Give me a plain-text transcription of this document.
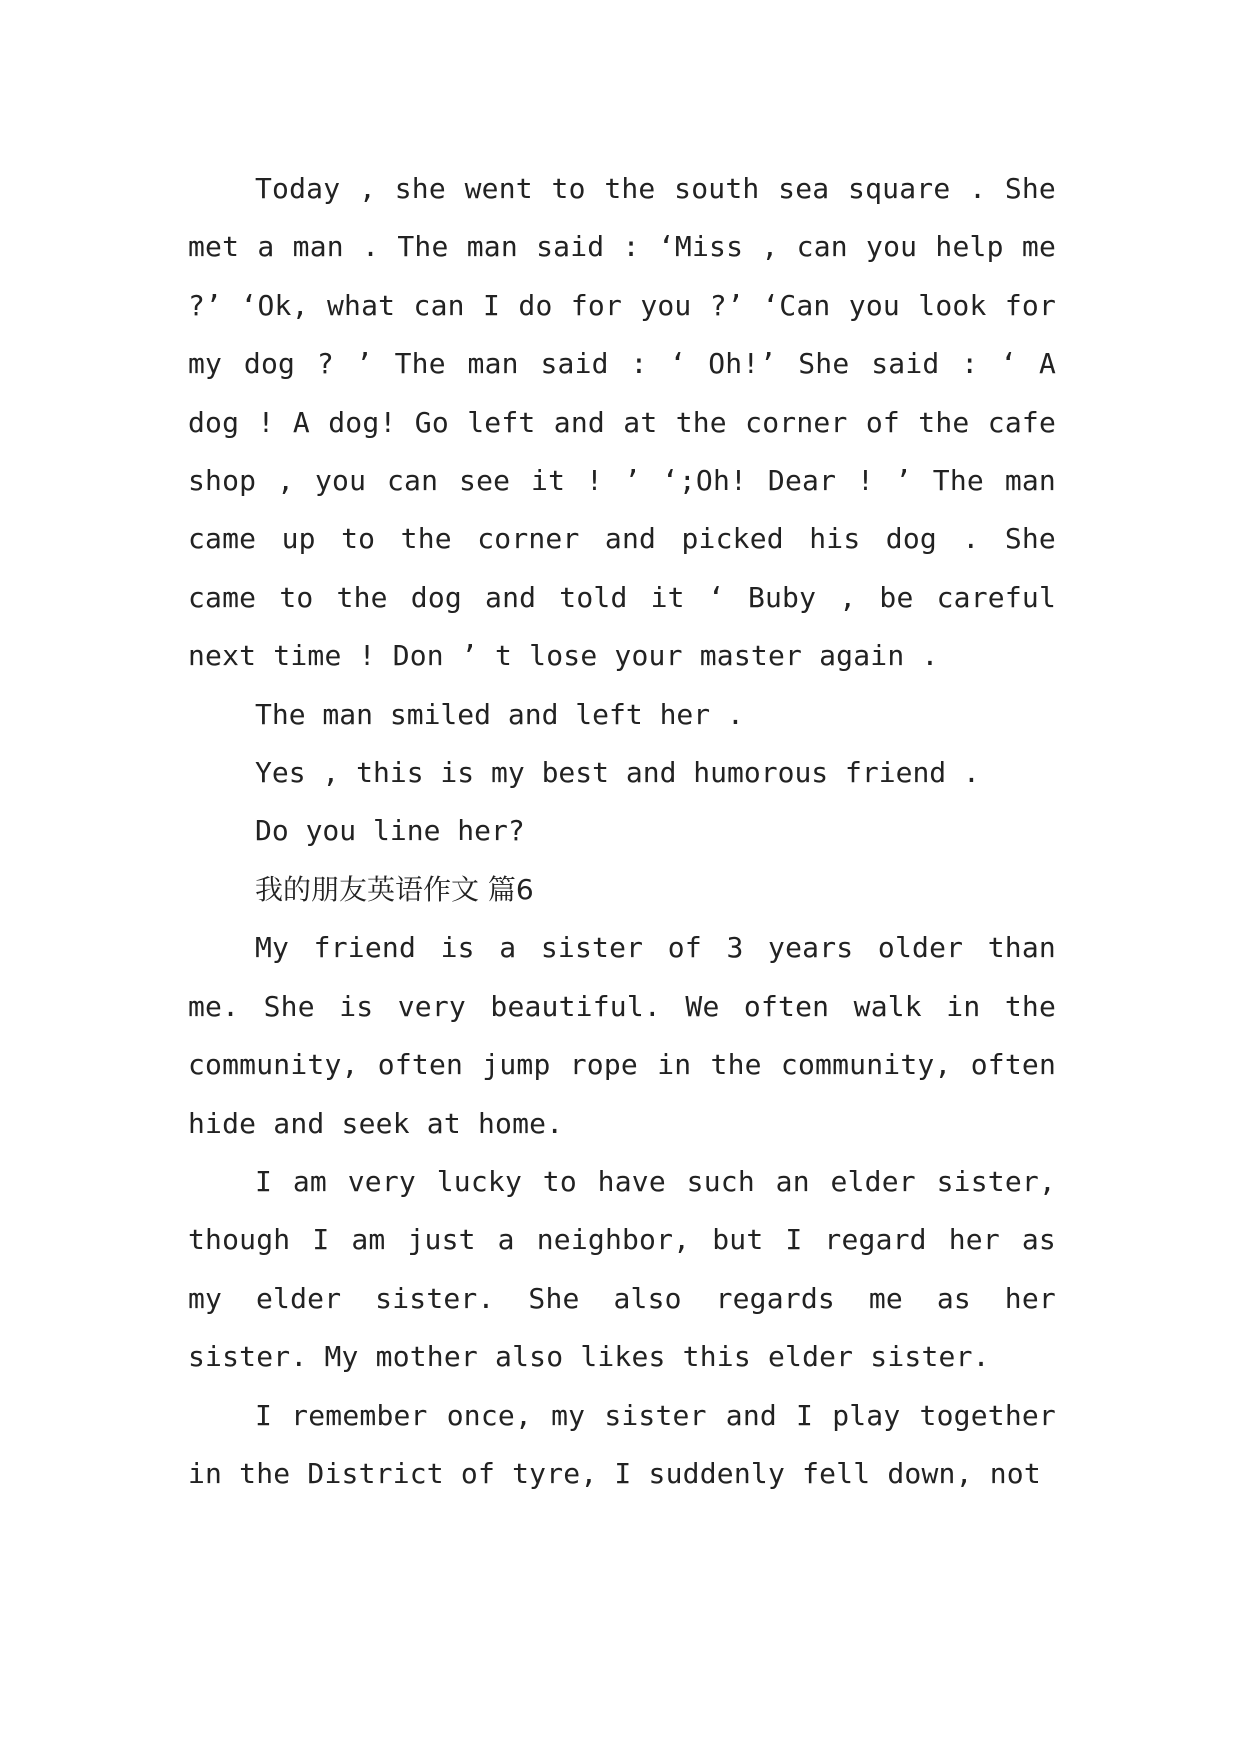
Today , she went to the south sea square . She met a man . The man said : ‘Miss , can you help me ?’ ‘Ok, what can I do for you ?’ ‘Can you look for my dog ? ’ The man said : ‘ Oh!’ She said : ‘ A dog ! A dog! Go left and at the corner of the cafe shop , you can see it ! ’ ‘;Oh! Dear ! ’ The man came up to the corner and picked his dog . She came to the dog and told it ‘ Buby , be careful next time ! Don ’ t lose your master again .

The man smiled and left her .

Yes , this is my best and humorous friend .

Do you line her?

我的朋友英语作文 篇6

My friend is a sister of 3 years older than me. She is very beautiful. We often walk in the community, often jump rope in the community, often hide and seek at home.

I am very lucky to have such an elder sister, though I am just a neighbor, but I regard her as my elder sister. She also regards me as her sister. My mother also likes this elder sister.

I remember once, my sister and I play together in the District of tyre, I suddenly fell down, not
